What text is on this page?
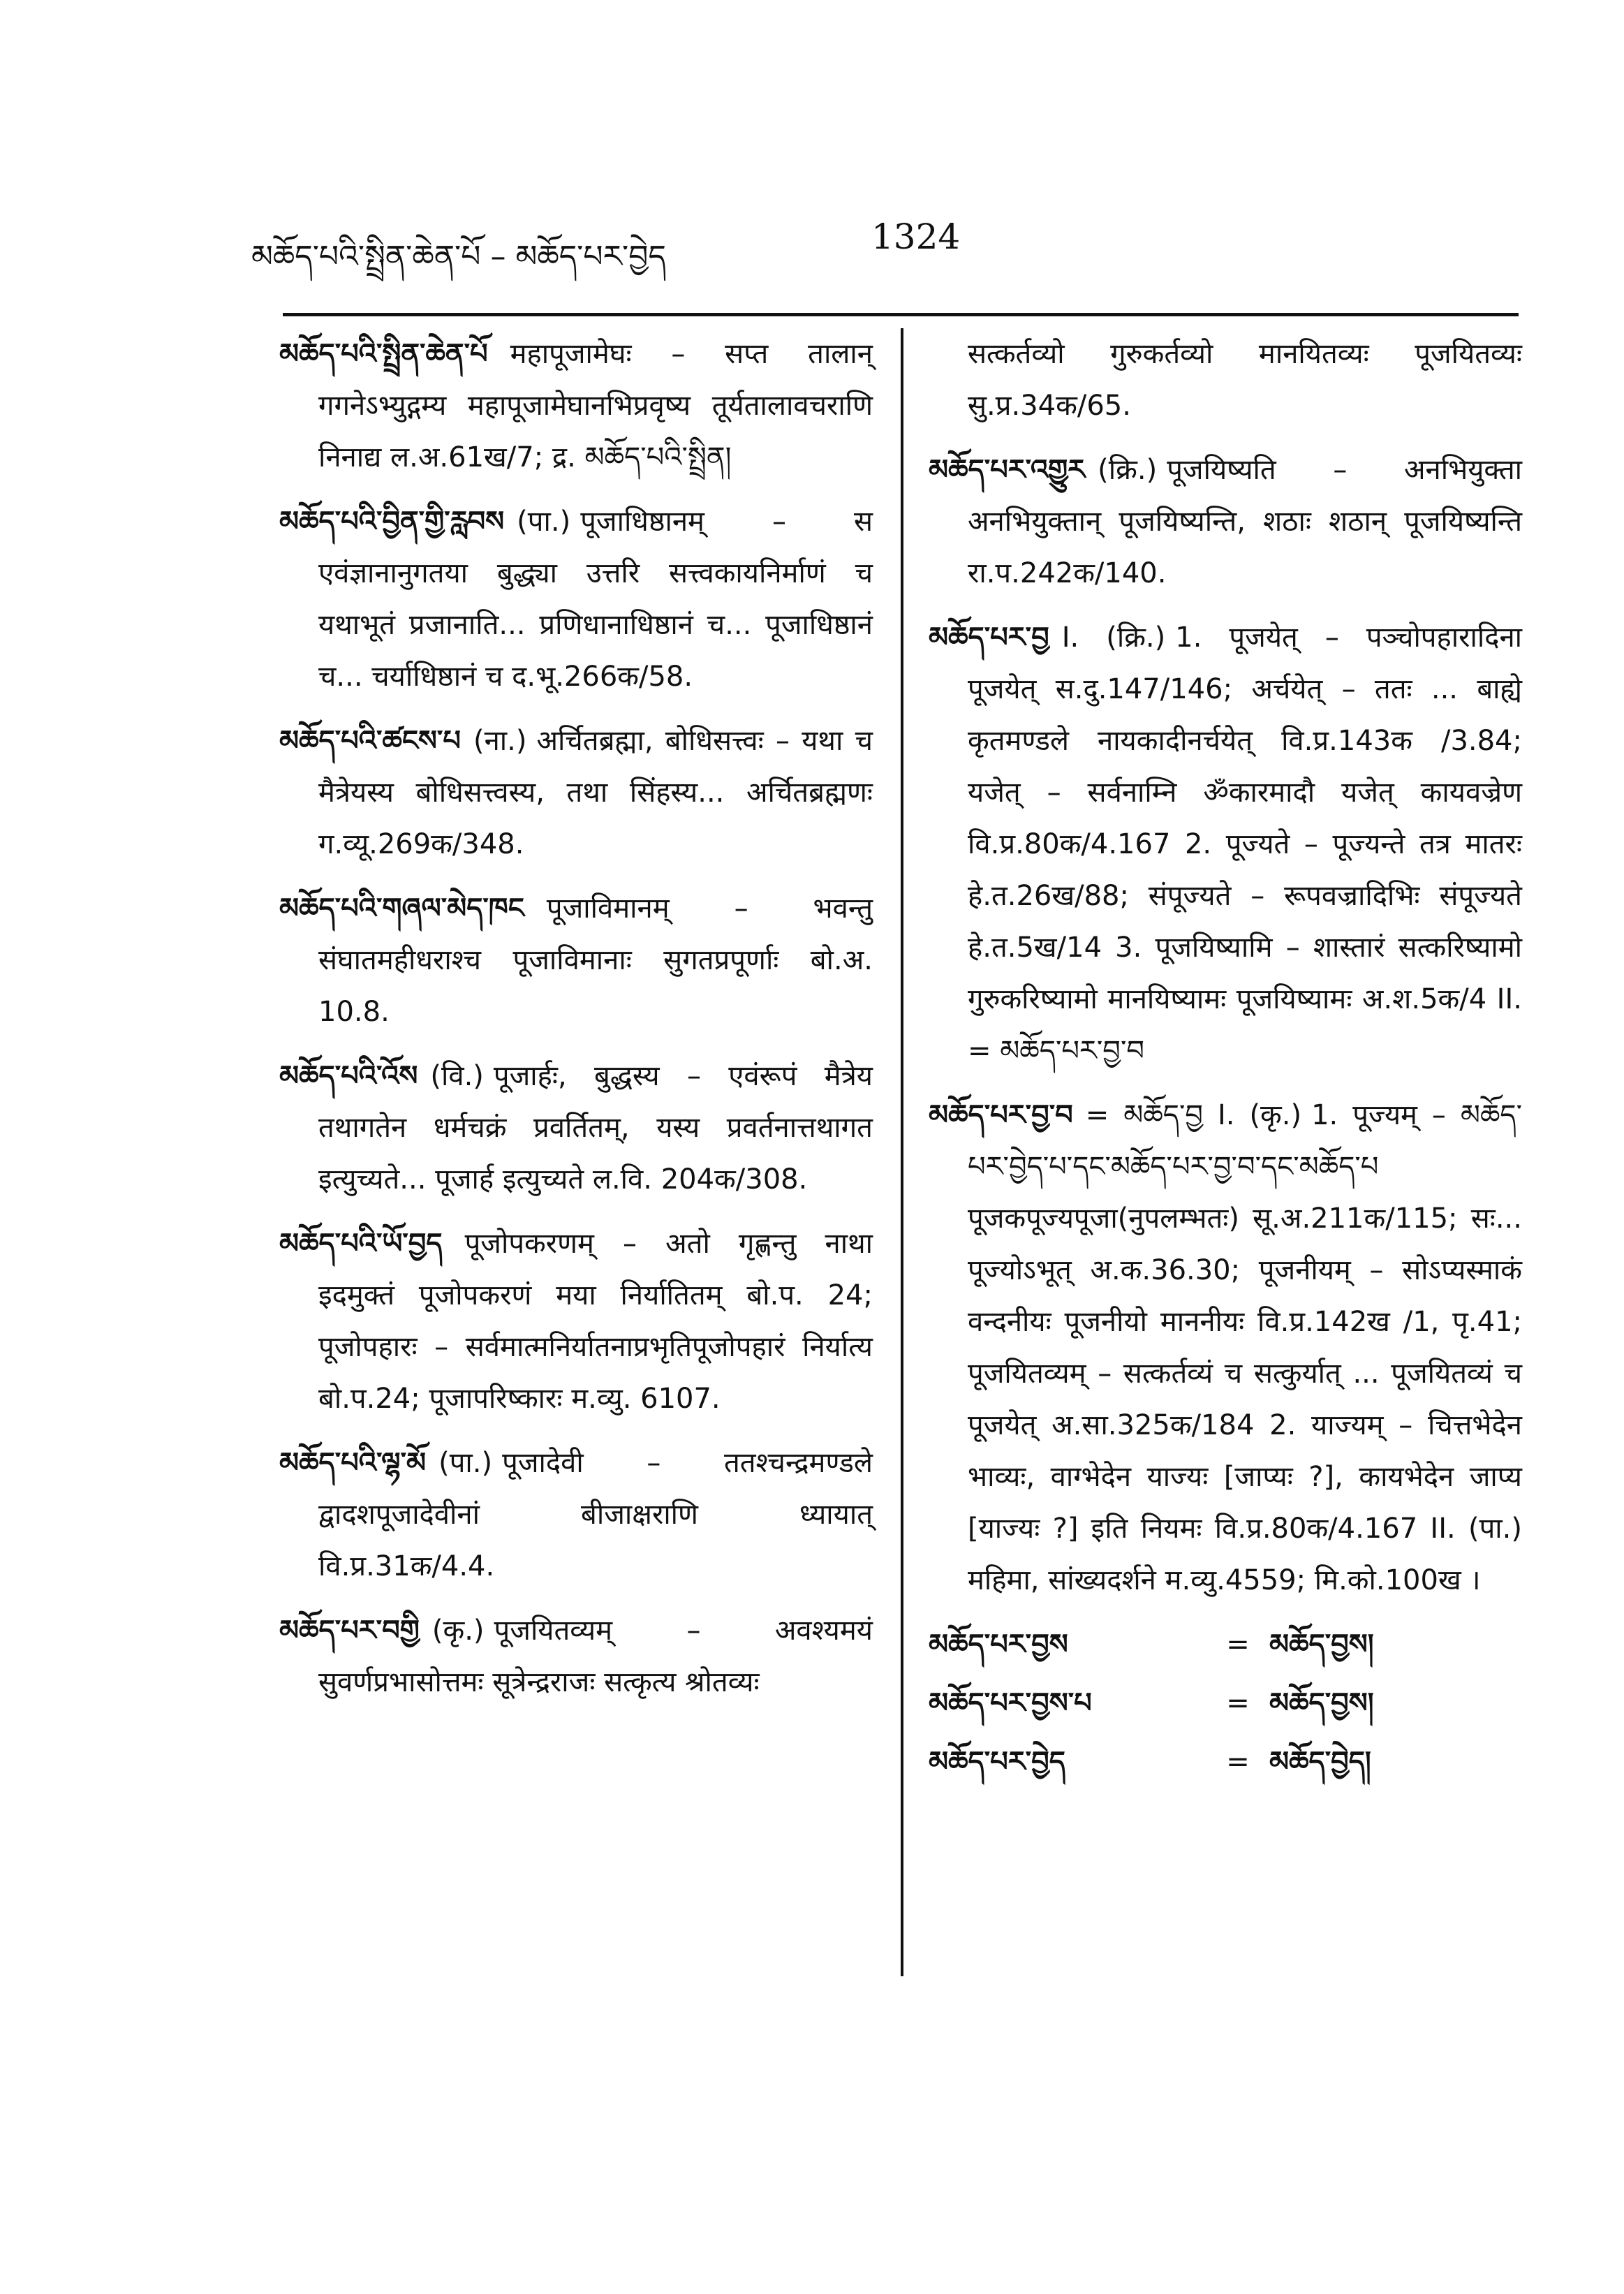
མཆོད་པའི་སྤྲིན་ཆེན་པོ – མཆོད་པར་བྱེད	1324

མཆོད་པའི་སྤྲིན་ཆེན་པོ महापूजामेघः – सप्त तालान् गगनेऽभ्युद्गम्य महापूजामेघानभिप्रवृष्य तूर्यतालावचराणि निनाद्य ल.अ.61ख/7; द्र. མཆོད་པའི་སྤྲིན།

མཆོད་པའི་བྱིན་གྱི་རླབས (पा.) पूजाधिष्ठानम् – स एवंज्ञानानुगतया बुद्ध्या उत्तरि सत्त्वकायनिर्माणं च यथाभूतं प्रजानाति... प्रणिधानाधिष्ठानं च... पूजाधिष्ठानं च... चर्याधिष्ठानं च द.भू.266क/58.

མཆོད་པའི་ཚངས་པ (ना.) अर्चितब्रह्मा, बोधिसत्त्वः – यथा च मैत्रेयस्य बोधिसत्त्वस्य, तथा सिंहस्य... अर्चितब्रह्मणः ग.व्यू.269क/348.

མཆོད་པའི་གཞལ་མེད་ཁང पूजाविमानम् – भवन्तु संघातमहीधराश्च पूजाविमानाः सुगतप्रपूर्णाः बो.अ. 10.8.

མཆོད་པའི་འོས (वि.) पूजार्हः, बुद्धस्य – एवंरूपं मैत्रेय तथागतेन धर्मचक्रं प्रवर्तितम्, यस्य प्रवर्तनात्तथागत इत्युच्यते... पूजार्ह इत्युच्यते ल.वि. 204क/308.

མཆོད་པའི་ཡོ་བྱད पूजोपकरणम् – अतो गृह्णन्तु नाथा इदमुक्तं पूजोपकरणं मया निर्यातितम् बो.प. 24; पूजोपहारः – सर्वमात्मनिर्यातनाप्रभृतिपूजोपहारं निर्यात्य बो.प.24; पूजापरिष्कारः म.व्यु. 6107.

མཆོད་པའི་ལྷ་མོ (पा.) पूजादेवी – ततश्चन्द्रमण्डले द्वादशपूजादेवीनां बीजाक्षराणि ध्यायात् वि.प्र.31क/4.4.

མཆོད་པར་བགྱི (कृ.) पूजयितव्यम् – अवश्यमयं सुवर्णप्रभासोत्तमः सूत्रेन्द्रराजः सत्कृत्य श्रोतव्यः

सत्कर्तव्यो गुरुकर्तव्यो मानयितव्यः पूजयितव्यः सु.प्र.34क/65.

མཆོད་པར་འགྱུར (क्रि.) पूजयिष्यति – अनभियुक्ता अनभियुक्तान् पूजयिष्यन्ति, शठाः शठान् पूजयिष्यन्ति रा.प.242क/140.

མཆོད་པར་བྱ I. (क्रि.) 1. पूजयेत् – पञ्चोपहारादिना पूजयेत् स.दु.147/146; अर्चयेत् – ततः ... बाह्ये कृतमण्डले नायकादीनर्चयेत् वि.प्र.143क /3.84; यजेत् – सर्वनाम्नि ॐकारमादौ यजेत् कायवज्रेण वि.प्र.80क/4.167 2. पूज्यते – पूज्यन्ते तत्र मातरः हे.त.26ख/88; संपूज्यते – रूपवज्रादिभिः संपूज्यते हे.त.5ख/14 3. पूजयिष्यामि – शास्तारं सत्करिष्यामो गुरुकरिष्यामो मानयिष्यामः पूजयिष्यामः अ.श.5क/4 II. = མཆོད་པར་བྱ་བ

མཆོད་པར་བྱ་བ = མཆོད་བྱ I. (कृ.) 1. पूज्यम् – མཆོད་པར་བྱེད་པ་དང་མཆོད་པར་བྱ་བ་དང་མཆོད་པ पूजकपूज्यपूजा(नुपलम्भतः) सू.अ.211क/115; सः... पूज्योऽभूत् अ.क.36.30; पूजनीयम् – सोऽप्यस्माकं वन्दनीयः पूजनीयो माननीयः वि.प्र.142ख /1, पृ.41; पूजयितव्यम् – सत्कर्तव्यं च सत्कुर्यात् ... पूजयितव्यं च पूजयेत् अ.सा.325क/184 2. याज्यम् – चित्तभेदेन भाव्यः, वाग्भेदेन याज्यः [जाप्यः ?], कायभेदेन जाप्य [याज्यः ?] इति नियमः वि.प्र.80क/4.167 II. (पा.) महिमा, सांख्यदर्शने म.व्यु.4559; मि.को.100ख ।

མཆོད་པར་བྱས	= མཆོད་བྱས།
མཆོད་པར་བྱས་པ	= མཆོད་བྱས།
མཆོད་པར་བྱེད	= མཆོད་བྱེད།
